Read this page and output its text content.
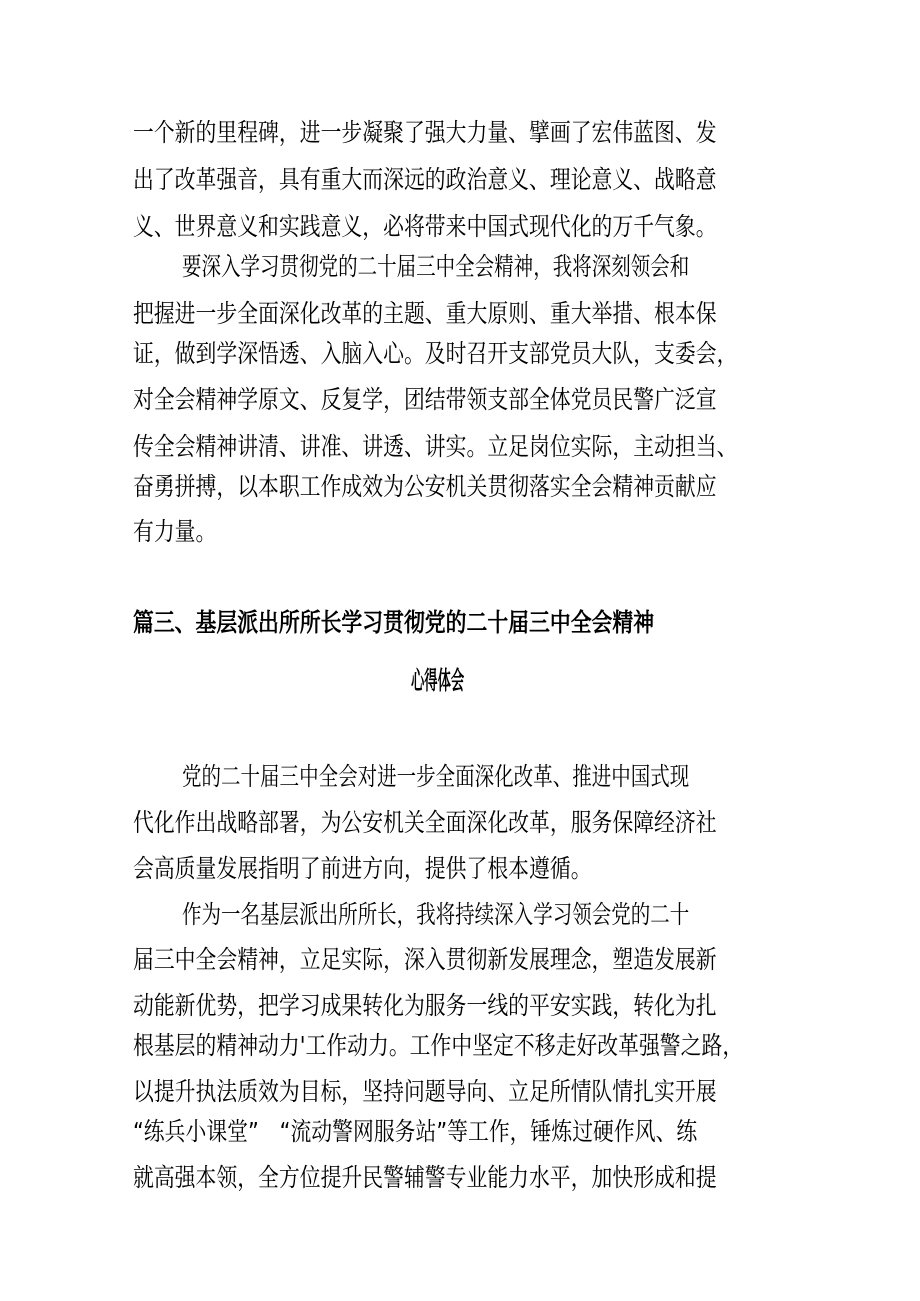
一个新的里程碑，进一步凝聚了强大力量、擘画了宏伟蓝图、发
出了改革强音，具有重大而深远的政治意义、理论意义、战略意
义、世界意义和实践意义，必将带来中国式现代化的万千气象。
要深入学习贯彻党的二十届三中全会精神，我将深刻领会和
把握进一步全面深化改革的主题、重大原则、重大举措、根本保
证，做到学深悟透、入脑入心。及时召开支部党员大队，支委会，
对全会精神学原文、反复学，团结带领支部全体党员民警广泛宣
传全会精神讲清、讲准、讲透、讲实。立足岗位实际，主动担当、
奋勇拼搏，以本职工作成效为公安机关贯彻落实全会精神贡献应
有力量。
篇三、基层派出所所长学习贯彻党的二十届三中全会精神
心得体会
党的二十届三中全会对进一步全面深化改革、推进中国式现
代化作出战略部署，为公安机关全面深化改革，服务保障经济社
会高质量发展指明了前进方向，提供了根本遵循。
作为一名基层派出所所长，我将持续深入学习领会党的二十
届三中全会精神，立足实际，深入贯彻新发展理念，塑造发展新
动能新优势，把学习成果转化为服务一线的平安实践，转化为扎
根基层的精神动力'工作动力。工作中坚定不移走好改革强警之路，
以提升执法质效为目标，坚持问题导向、立足所情队情扎实开展
“练兵小课堂”　“流动警网服务站”等工作，锤炼过硬作风、练
就高强本领，全方位提升民警辅警专业能力水平，加快形成和提
